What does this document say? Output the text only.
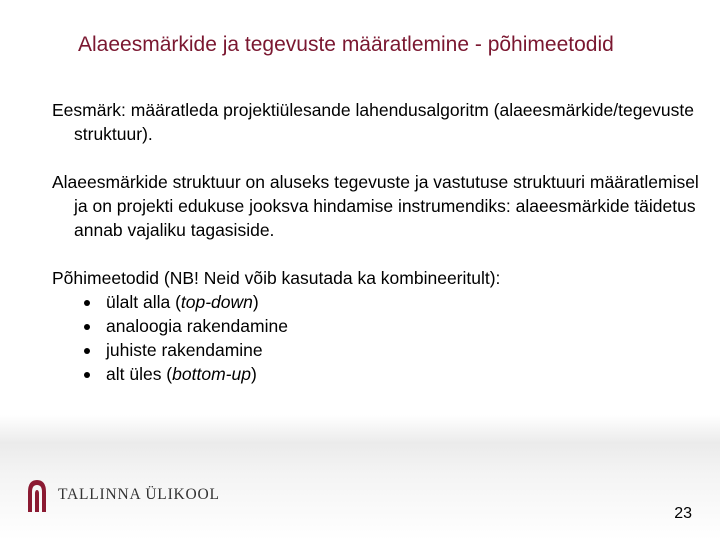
Alaeesmärkide ja tegevuste määratlemine - põhimeetodid

Eesmärk: määratleda projektiülesande lahendusalgoritm (alaeesmärkide/tegevuste struktuur).

Alaeesmärkide struktuur on aluseks tegevuste ja vastutuse struktuuri määratlemisel ja on projekti edukuse jooksva hindamise instrumendiks: alaeesmärkide täidetus annab vajaliku tagasiside.

Põhimeetodid (NB! Neid võib kasutada ka kombineeritult):
ülalt alla (top-down)
analoogia rakendamine
juhiste rakendamine
alt üles (bottom-up)
TALLINNA ÜLIKOOL
23
